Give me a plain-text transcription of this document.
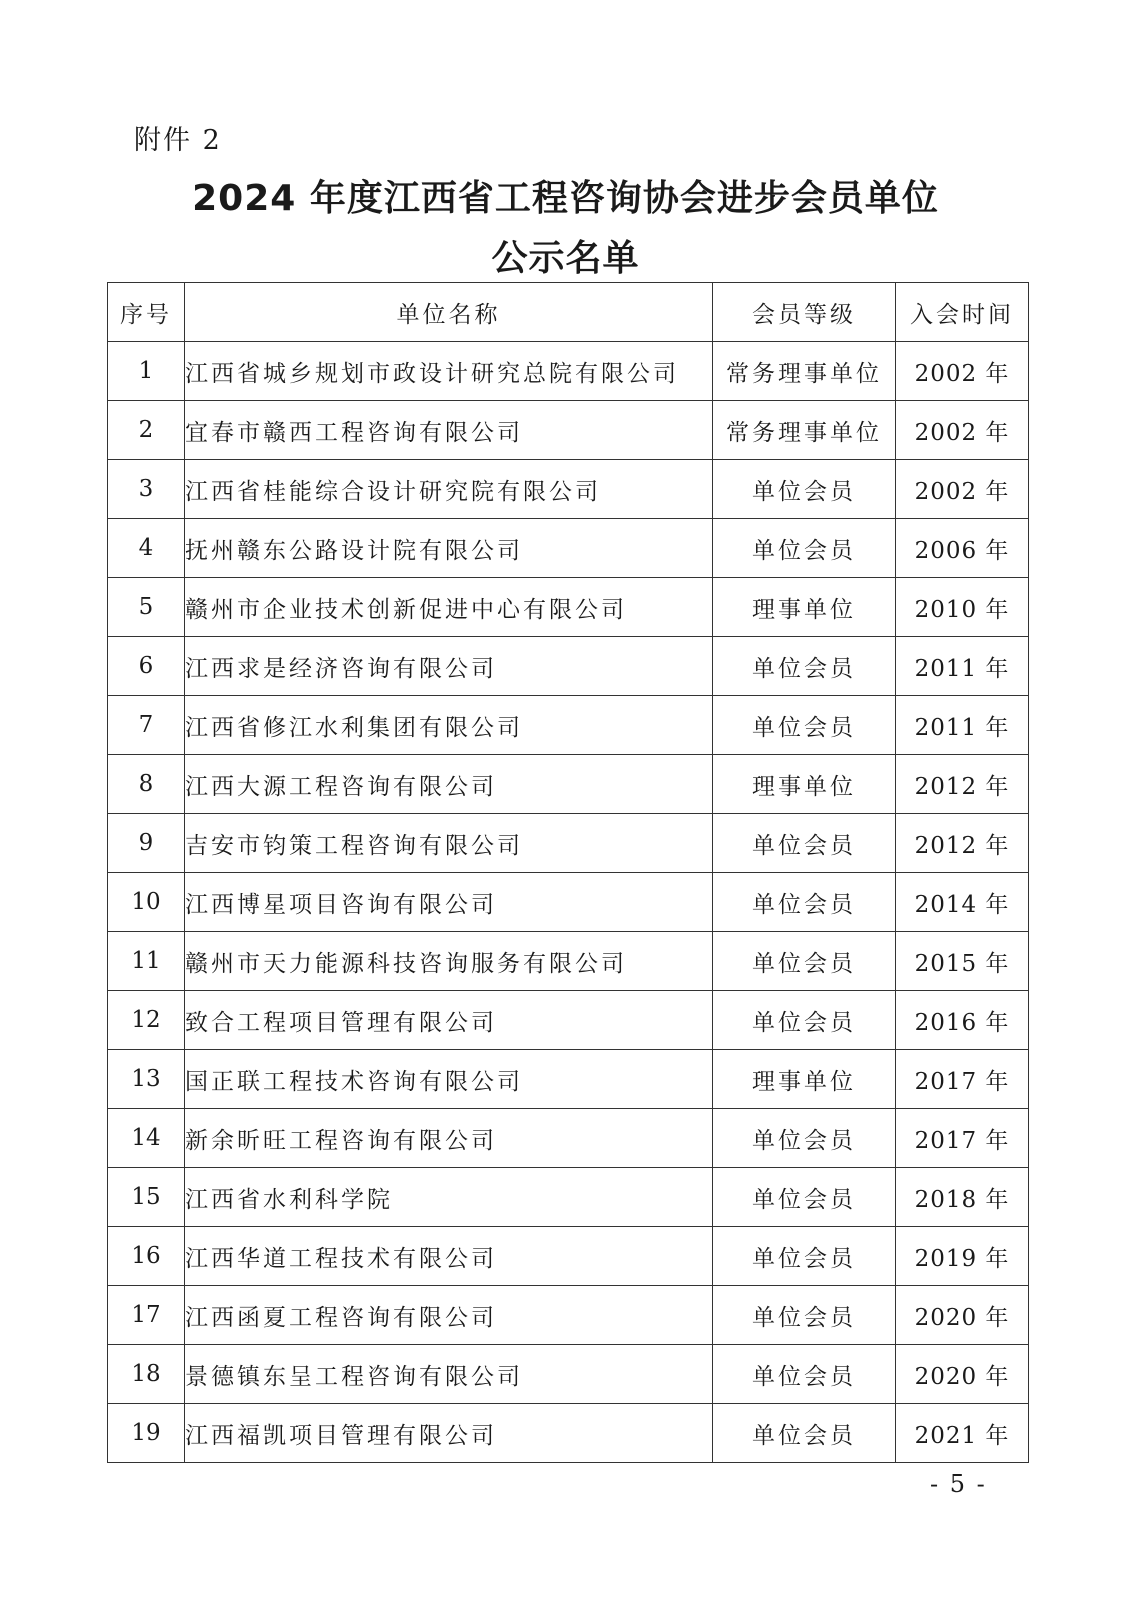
附件 2
2024 年度江西省工程咨询协会进步会员单位
公示名单
序号	单位名称	会员等级	入会时间
1	江西省城乡规划市政设计研究总院有限公司	常务理事单位	2002 年
2	宜春市赣西工程咨询有限公司	常务理事单位	2002 年
3	江西省桂能综合设计研究院有限公司	单位会员	2002 年
4	抚州赣东公路设计院有限公司	单位会员	2006 年
5	赣州市企业技术创新促进中心有限公司	理事单位	2010 年
6	江西求是经济咨询有限公司	单位会员	2011 年
7	江西省修江水利集团有限公司	单位会员	2011 年
8	江西大源工程咨询有限公司	理事单位	2012 年
9	吉安市钧策工程咨询有限公司	单位会员	2012 年
10	江西博星项目咨询有限公司	单位会员	2014 年
11	赣州市天力能源科技咨询服务有限公司	单位会员	2015 年
12	致合工程项目管理有限公司	单位会员	2016 年
13	国正联工程技术咨询有限公司	理事单位	2017 年
14	新余昕旺工程咨询有限公司	单位会员	2017 年
15	江西省水利科学院	单位会员	2018 年
16	江西华道工程技术有限公司	单位会员	2019 年
17	江西函夏工程咨询有限公司	单位会员	2020 年
18	景德镇东呈工程咨询有限公司	单位会员	2020 年
19	江西福凯项目管理有限公司	单位会员	2021 年
- 5 -
